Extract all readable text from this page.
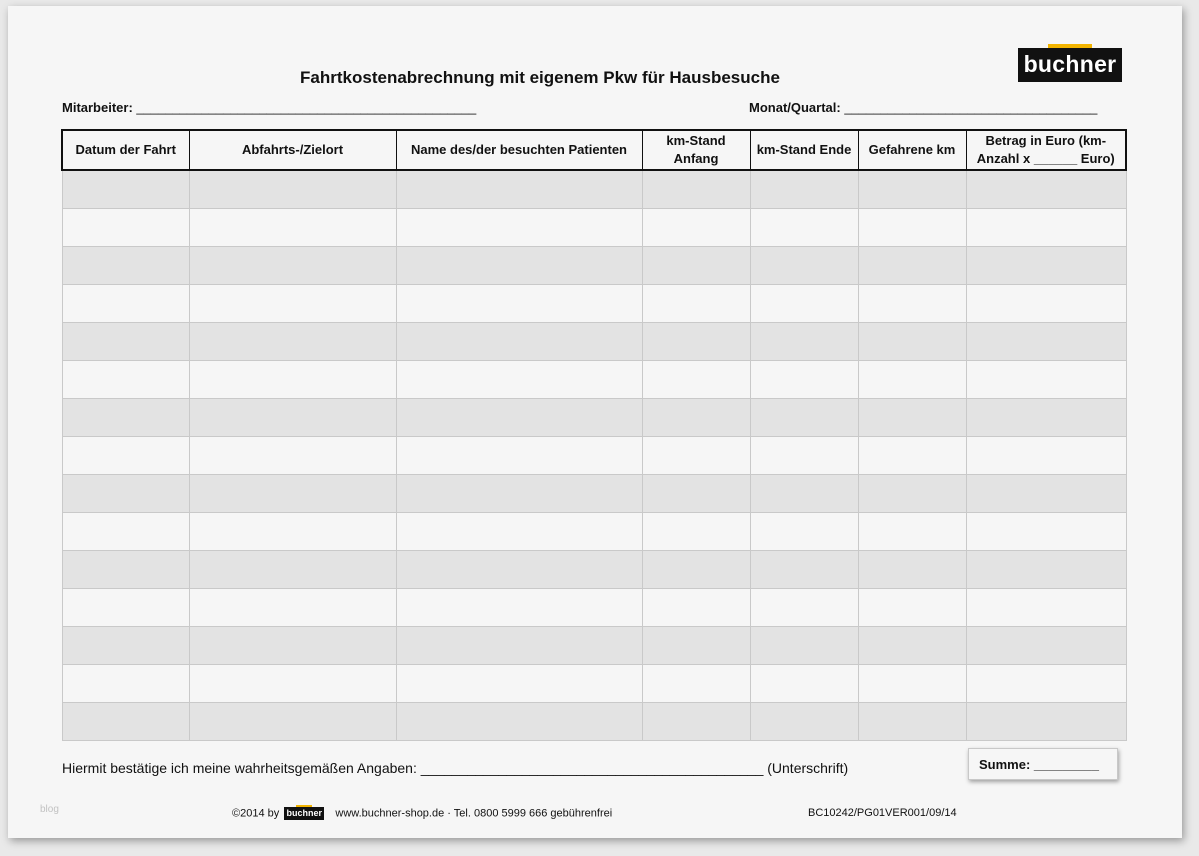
Fahrtkostenabrechnung mit eigenem Pkw für Hausbesuche
buchner
Mitarbeiter: _______________________________________________	Monat/Quartal: ___________________________________
Datum der Fahrt	Abfahrts-/Zielort	Name des/der besuchten Patienten	km-Stand Anfang	km-Stand Ende	Gefahrene km	Betrag in Euro (km-Anzahl x ______ Euro)

Hiermit bestätige ich meine wahrheitsgemäßen Angaben: ____________________________________________ (Unterschrift)	Summe: _________
blog	©2014 by buchner www.buchner-shop.de · Tel. 0800 5999 666 gebührenfrei	BC10242/PG01VER001/09/14
